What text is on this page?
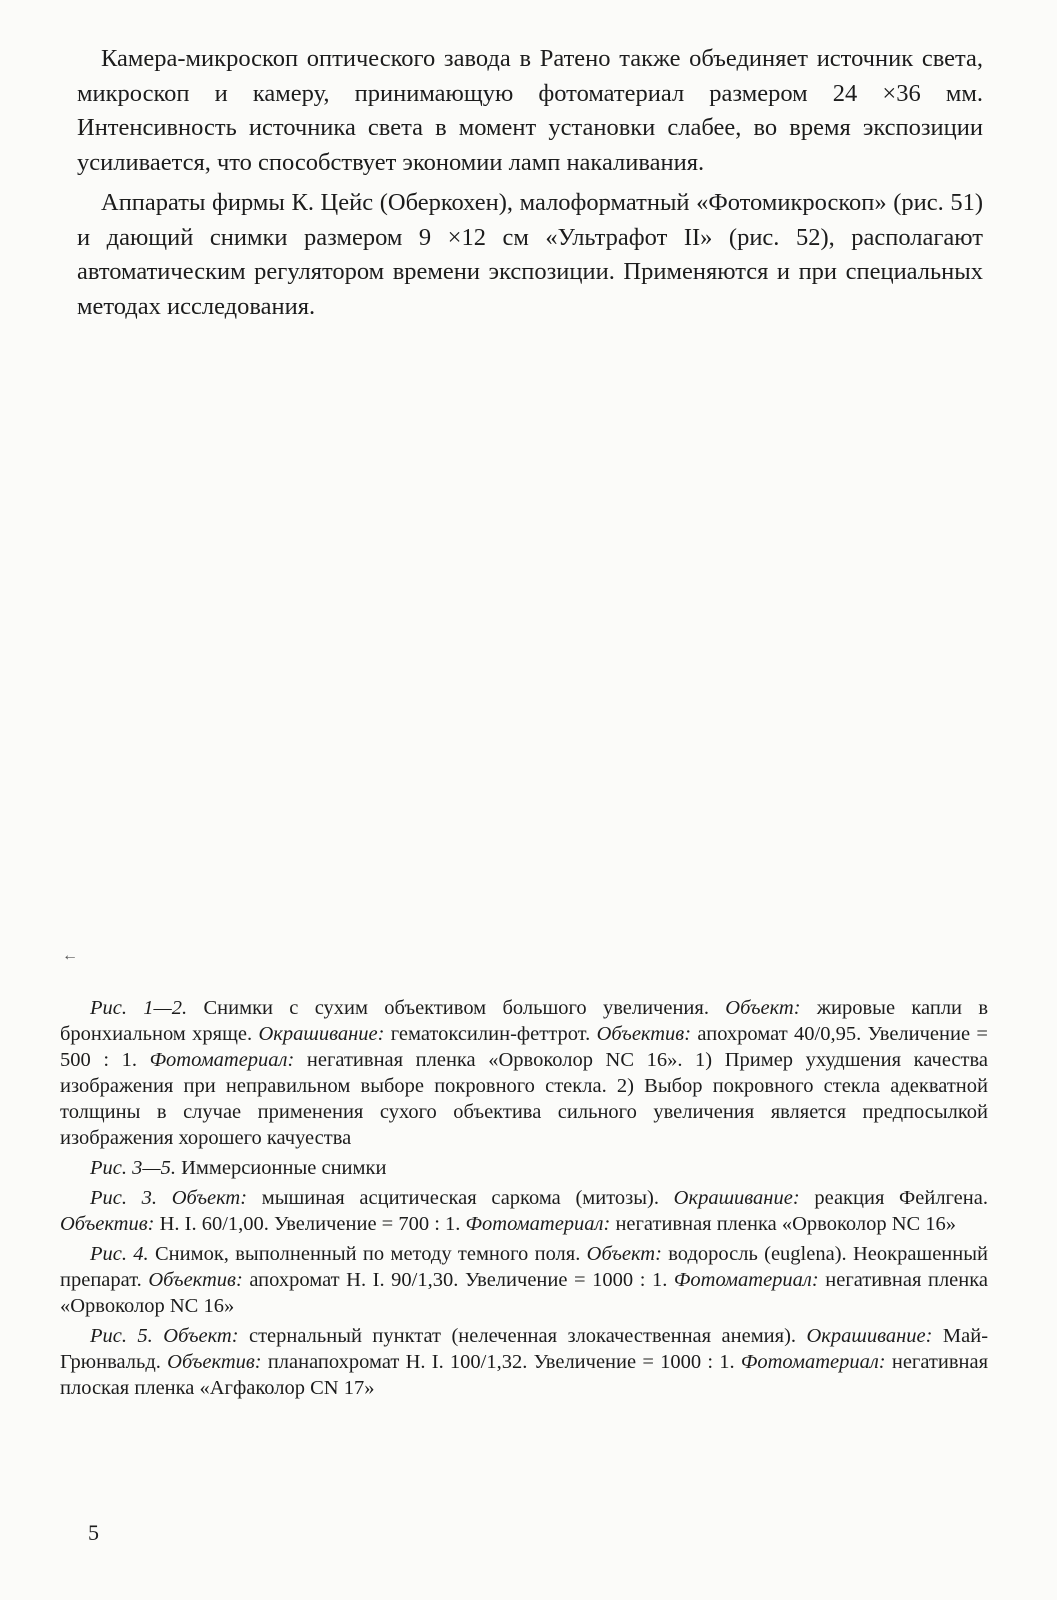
Камера-микроскоп оптического завода в Ратено также объединяет источник света, микроскоп и камеру, принимающую фотоматериал размером 24 ×36 мм. Интенсивность источника света в момент установки слабее, во время экспозиции усиливается, что способствует экономии ламп накаливания.

Аппараты фирмы К. Цейс (Оберкохен), малоформатный «Фотомикроскоп» (рис. 51) и дающий снимки размером 9 ×12 см «Ультрафот II» (рис. 52), располагают автоматическим регулятором времени экспозиции. Применяются и при специальных методах исследования.

←

Рис. 1—2. Снимки с сухим объективом большого увеличения. Объект: жировые капли в бронхиальном хряще. Окрашивание: гематоксилин-феттрот. Объектив: апохромат 40/0,95. Увеличение = 500 : 1. Фотоматериал: негативная пленка «Орвоколор NC 16». 1) Пример ухудшения качества изображения при неправильном выборе покровного стекла. 2) Выбор покровного стекла адекватной толщины в случае применения сухого объектива сильного увеличения является предпосылкой изображения хорошего качуества

Рис. 3—5. Иммерсионные снимки

Рис. 3. Объект: мышиная асцитическая саркома (митозы). Окрашивание: реакция Фейлгена. Объектив: Н. I. 60/1,00. Увеличение = 700 : 1. Фотоматериал: негативная пленка «Орвоколор NC 16»

Рис. 4. Снимок, выполненный по методу темного поля. Объект: водоросль (euglena). Неокрашенный препарат. Объектив: апохромат Н. I. 90/1,30. Увеличение = 1000 : 1. Фотоматериал: негативная пленка «Орвоколор NC 16»

Рис. 5. Объект: стернальный пунктат (нелеченная злокачественная анемия). Окрашивание: Май-Грюнвальд. Объектив: планапохромат Н. I. 100/1,32. Увеличение = 1000 : 1. Фотоматериал: негативная плоская пленка «Агфаколор CN 17»

5
